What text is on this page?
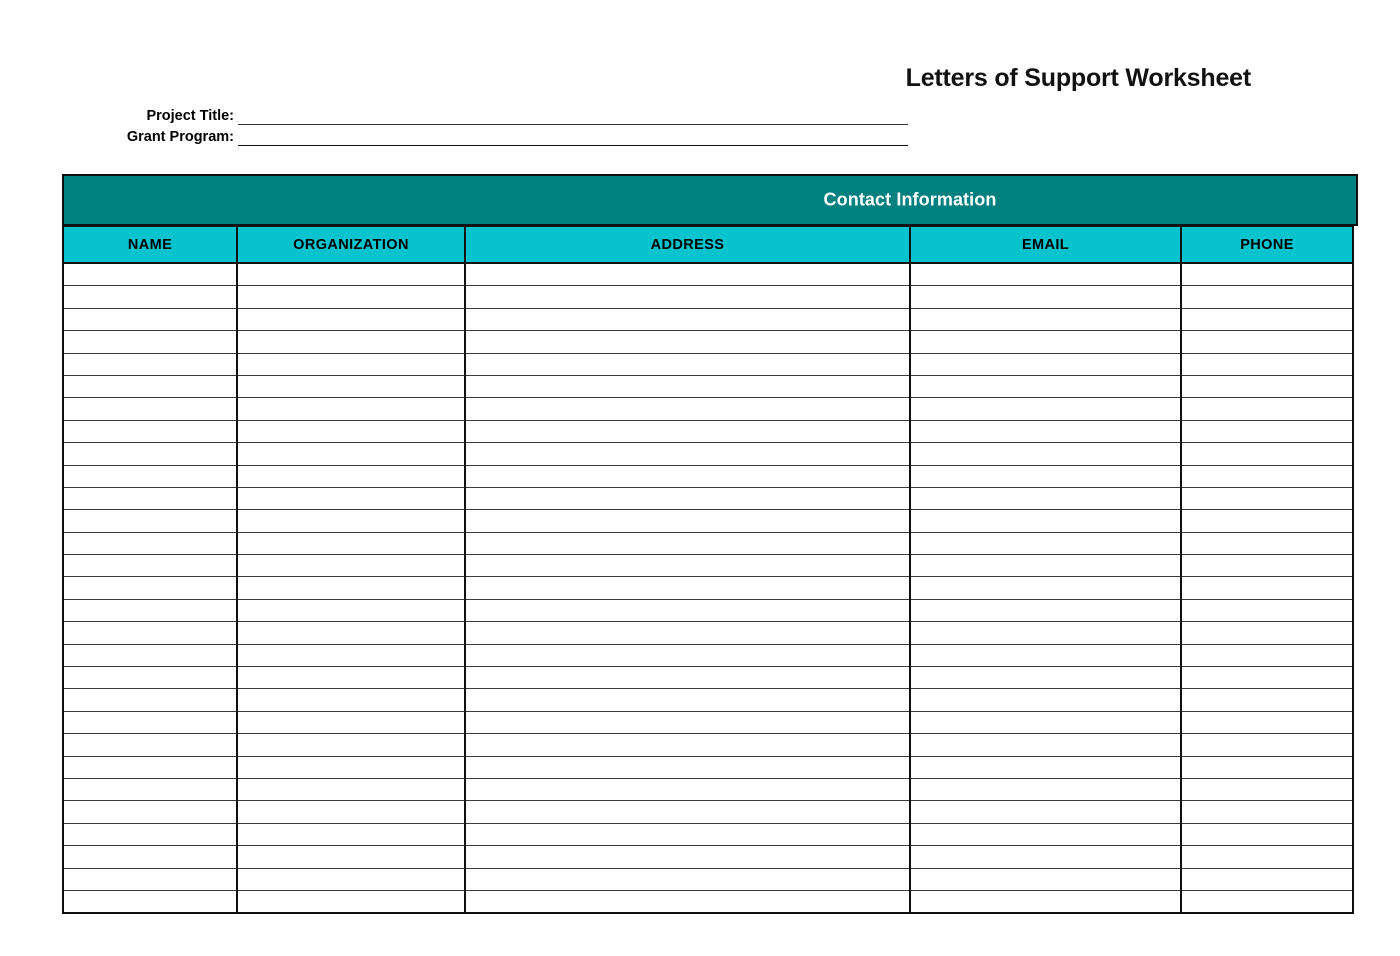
Letters of Support Worksheet
Project Title:
Grant Program:
Contact Information
NAME	ORGANIZATION	ADDRESS	EMAIL	PHONE
